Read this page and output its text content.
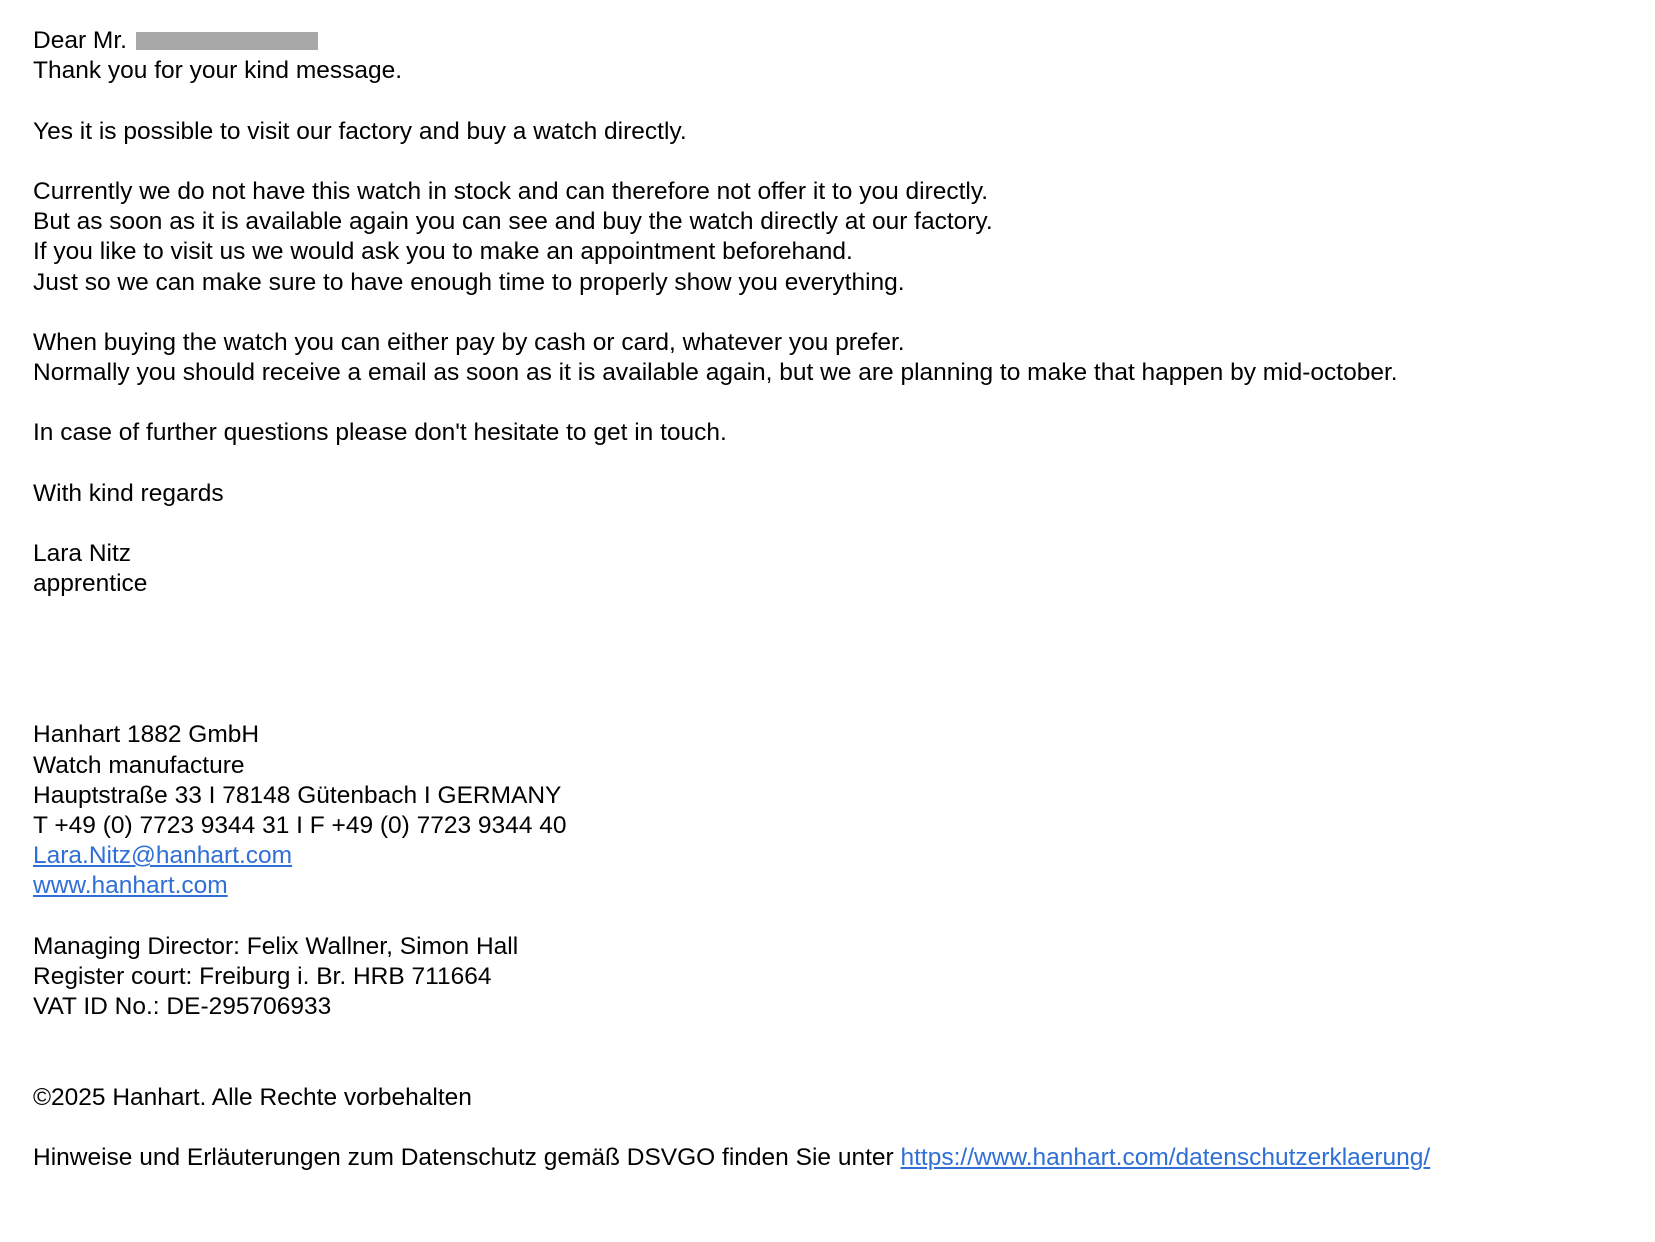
Dear Mr.
Thank you for your kind message.
Yes it is possible to visit our factory and buy a watch directly.
Currently we do not have this watch in stock and can therefore not offer it to you directly.
But as soon as it is available again you can see and buy the watch directly at our factory.
If you like to visit us we would ask you to make an appointment beforehand.
Just so we can make sure to have enough time to properly show you everything.
When buying the watch you can either pay by cash or card, whatever you prefer.
Normally you should receive a email as soon as it is available again, but we are planning to make that happen by mid-october.
In case of further questions please don't hesitate to get in touch.
With kind regards
Lara Nitz
apprentice
Hanhart 1882 GmbH
Watch manufacture
Hauptstraße 33 I 78148 Gütenbach I GERMANY
T +49 (0) 7723 9344 31 I F +49 (0) 7723 9344 40
Lara.Nitz@hanhart.com
www.hanhart.com
Managing Director: Felix Wallner, Simon Hall
Register court: Freiburg i. Br. HRB 711664
VAT ID No.: DE-295706933
©2025 Hanhart. Alle Rechte vorbehalten
Hinweise und Erläuterungen zum Datenschutz gemäß DSVGO finden Sie unter https://www.hanhart.com/datenschutzerklaerung/
